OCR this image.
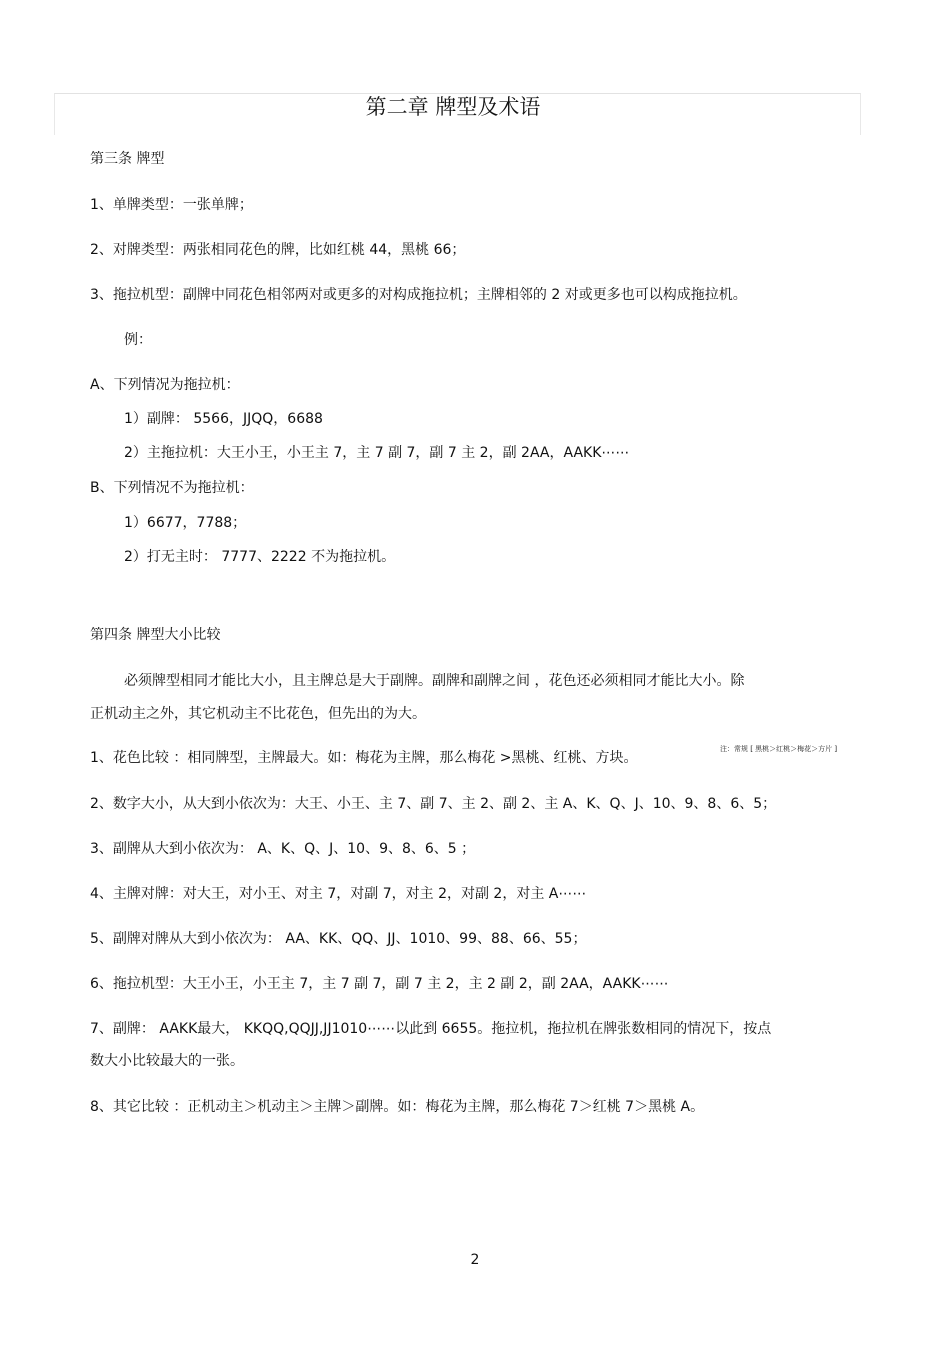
第二章 牌型及术语
第三条 牌型
1、单牌类型：一张单牌；
2、对牌类型：两张相同花色的牌，比如红桃 44，黑桃 66；
3、拖拉机型：副牌中同花色相邻两对或更多的对构成拖拉机；主牌相邻的 2 对或更多也可以构成拖拉机。
例：
A、下列情况为拖拉机：
1）副牌： 5566，JJQQ，6688
2）主拖拉机：大王小王，小王主 7，主 7 副 7，副 7 主 2，副 2AA，AAKK⋯⋯
B、下列情况不为拖拉机：
1）6677，7788；
2）打无主时： 7777、2222 不为拖拉机。
第四条 牌型大小比较
必须牌型相同才能比大小，且主牌总是大于副牌。副牌和副牌之间 ，花色还必须相同才能比大小。除
正机动主之外，其它机动主不比花色，但先出的为大。
1、花色比较 ：相同牌型，主牌最大。如：梅花为主牌，那么梅花 >黑桃、红桃、方块。
注：常规 [ 黑桃＞红桃＞梅花＞方片 ]
2、数字大小，从大到小依次为：大王、小王、主 7、副 7、主 2、副 2、主 A、K、Q、J、10、9、8、6、5；
3、副牌从大到小依次为： A、K、Q、J、10、9、8、6、5 ；
4、主牌对牌：对大王，对小王、对主 7，对副 7，对主 2，对副 2，对主 A⋯⋯
5、副牌对牌从大到小依次为： AA、KK、QQ、JJ、1010、99、88、66、55；
6、拖拉机型：大王小王，小王主 7，主 7 副 7，副 7 主 2，主 2 副 2，副 2AA，AAKK⋯⋯
7、副牌： AAKK最大， KKQQ,QQJJ,JJ1010⋯⋯以此到 6655。拖拉机，拖拉机在牌张数相同的情况下，按点
数大小比较最大的一张。
8、其它比较 ：正机动主＞机动主＞主牌＞副牌。如：梅花为主牌，那么梅花 7＞红桃 7＞黑桃 A。
2
